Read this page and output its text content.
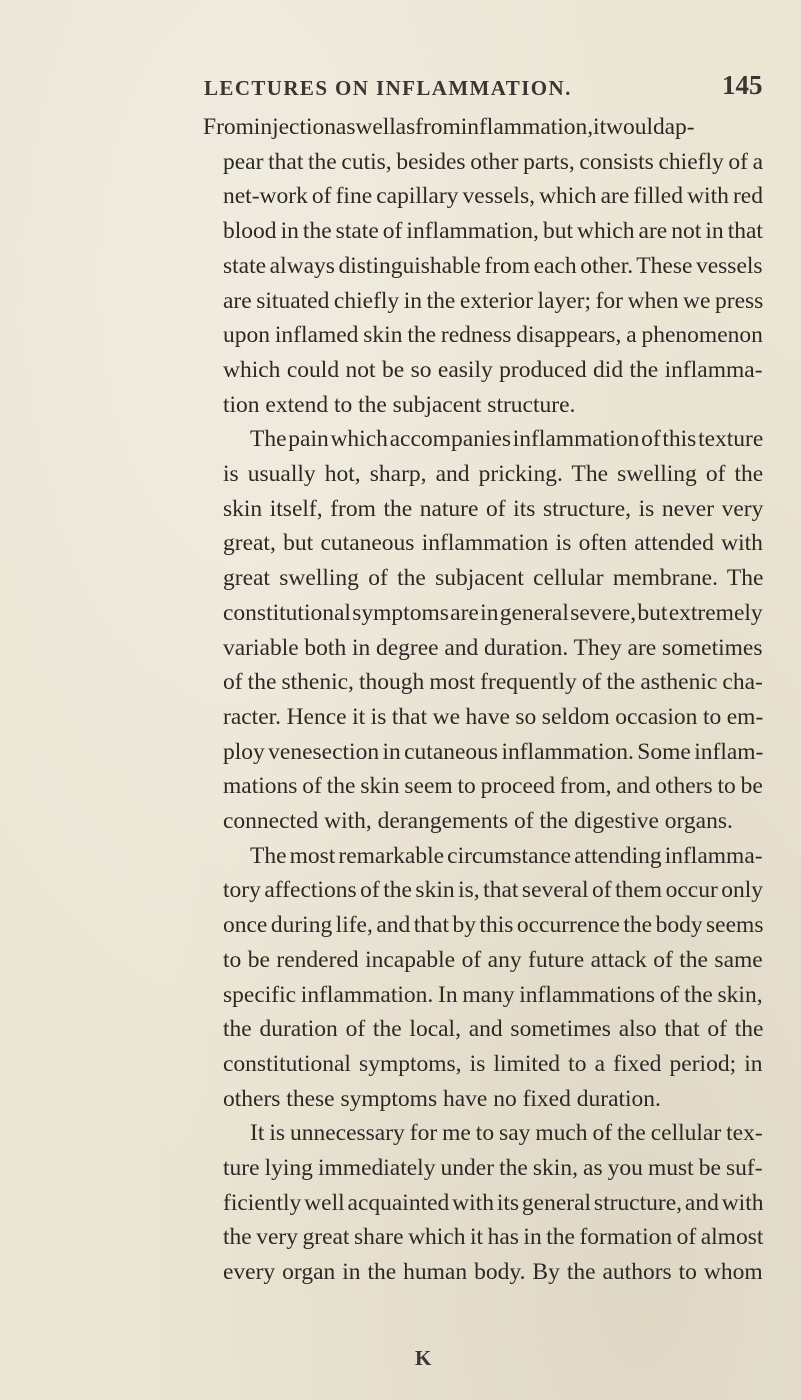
LECTURES ON INFLAMMATION.	145
From injection as well as from inflammation, it would ap-
pear that the cutis, besides other parts, consists chiefly of a
net-work of fine capillary vessels, which are filled with red
blood in the state of inflammation, but which are not in that
state always distinguishable from each other. These vessels
are situated chiefly in the exterior layer; for when we press
upon inflamed skin the redness disappears, a phenomenon
which could not be so easily produced did the inflamma-
tion extend to the subjacent structure.
The pain which accompanies inflammation of this texture
is usually hot, sharp, and pricking. The swelling of the
skin itself, from the nature of its structure, is never very
great, but cutaneous inflammation is often attended with
great swelling of the subjacent cellular membrane. The
constitutional symptoms are in general severe, but extremely
variable both in degree and duration. They are sometimes
of the sthenic, though most frequently of the asthenic cha-
racter. Hence it is that we have so seldom occasion to em-
ploy venesection in cutaneous inflammation. Some inflam-
mations of the skin seem to proceed from, and others to be
connected with, derangements of the digestive organs.
The most remarkable circumstance attending inflamma-
tory affections of the skin is, that several of them occur only
once during life, and that by this occurrence the body seems
to be rendered incapable of any future attack of the same
specific inflammation. In many inflammations of the skin,
the duration of the local, and sometimes also that of the
constitutional symptoms, is limited to a fixed period; in
others these symptoms have no fixed duration.
It is unnecessary for me to say much of the cellular tex-
ture lying immediately under the skin, as you must be suf-
ficiently well acquainted with its general structure, and with
the very great share which it has in the formation of almost
every organ in the human body. By the authors to whom
K
